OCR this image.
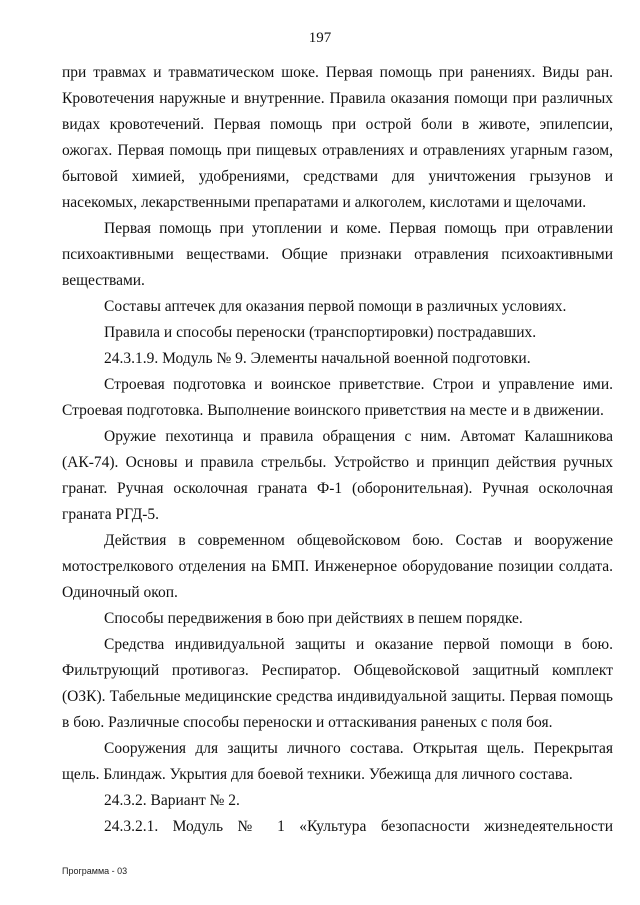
197

при травмах и травматическом шоке. Первая помощь при ранениях. Виды ран. Кровотечения наружные и внутренние. Правила оказания помощи при различных видах кровотечений. Первая помощь при острой боли в животе, эпилепсии, ожогах. Первая помощь при пищевых отравлениях и отравлениях угарным газом, бытовой химией, удобрениями, средствами для уничтожения грызунов и насекомых, лекарственными препаратами и алкоголем, кислотами и щелочами.

Первая помощь при утоплении и коме. Первая помощь при отравлении психоактивными веществами. Общие признаки отравления психоактивными веществами.

Составы аптечек для оказания первой помощи в различных условиях.

Правила и способы переноски (транспортировки) пострадавших.

24.3.1.9. Модуль № 9. Элементы начальной военной подготовки.

Строевая подготовка и воинское приветствие. Строи и управление ими. Строевая подготовка. Выполнение воинского приветствия на месте и в движении.

Оружие пехотинца и правила обращения с ним. Автомат Калашникова (АК-74). Основы и правила стрельбы. Устройство и принцип действия ручных гранат. Ручная осколочная граната Ф-1 (оборонительная). Ручная осколочная граната РГД-5.

Действия в современном общевойсковом бою. Состав и вооружение мотострелкового отделения на БМП. Инженерное оборудование позиции солдата. Одиночный окоп.

Способы передвижения в бою при действиях в пешем порядке.

Средства индивидуальной защиты и оказание первой помощи в бою. Фильтрующий противогаз. Респиратор. Общевойсковой защитный комплект (ОЗК). Табельные медицинские средства индивидуальной защиты. Первая помощь в бою. Различные способы переноски и оттаскивания раненых с поля боя.

Сооружения для защиты личного состава. Открытая щель. Перекрытая щель. Блиндаж. Укрытия для боевой техники. Убежища для личного состава.

24.3.2. Вариант № 2.

24.3.2.1. Модуль № 1 «Культура безопасности жизнедеятельности

Программа - 03
